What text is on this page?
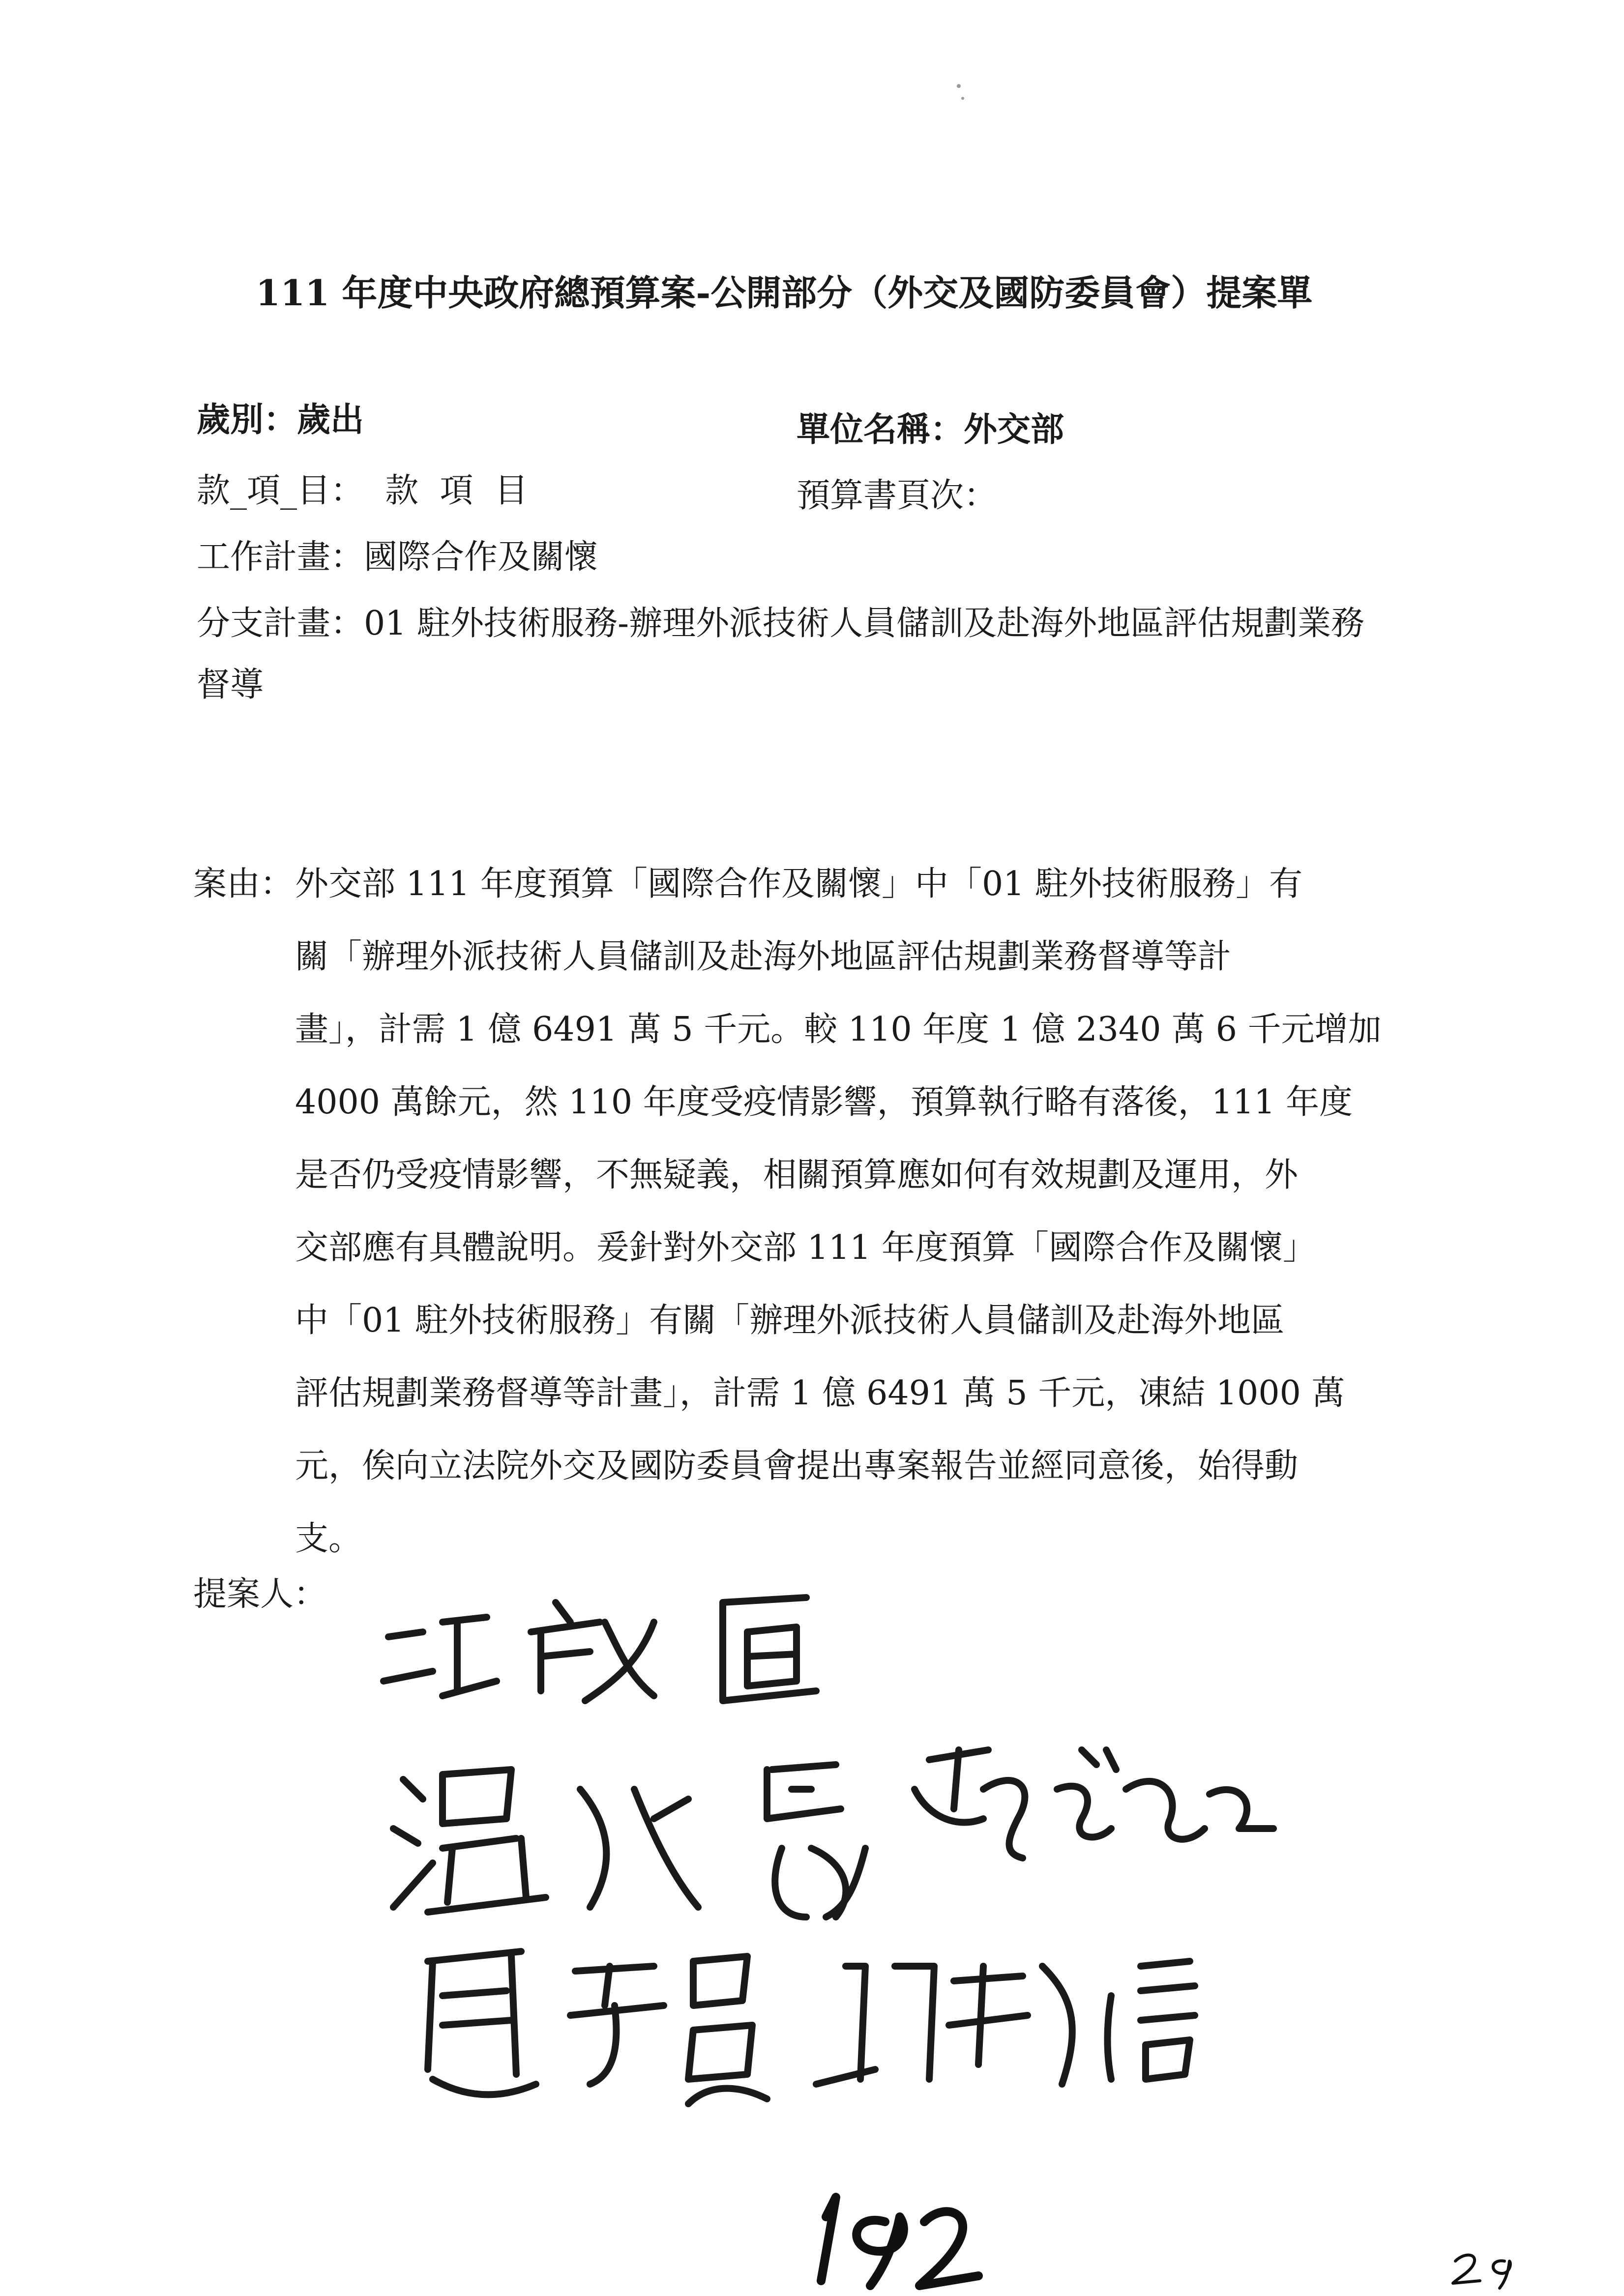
111 年度中央政府總預算案-公開部分（外交及國防委員會）提案單
歲別：歲出	單位名稱：外交部
款_項_目：  款  項  目	預算書頁次：
工作計畫：國際合作及關懷
分支計畫：01 駐外技術服務-辦理外派技術人員儲訓及赴海外地區評估規劃業務
督導
案由： 外交部 111 年度預算「國際合作及關懷」中「01 駐外技術服務」有
關「辦理外派技術人員儲訓及赴海外地區評估規劃業務督導等計
畫」，計需 1 億 6491 萬 5 千元。較 110 年度 1 億 2340 萬 6 千元增加
4000 萬餘元，然 110 年度受疫情影響，預算執行略有落後，111 年度
是否仍受疫情影響，不無疑義，相關預算應如何有效規劃及運用，外
交部應有具體說明。爰針對外交部 111 年度預算「國際合作及關懷」
中「01 駐外技術服務」有關「辦理外派技術人員儲訓及赴海外地區
評估規劃業務督導等計畫」，計需 1 億 6491 萬 5 千元，凍結 1000 萬
元，俟向立法院外交及國防委員會提出專案報告並經同意後，始得動
支。
提案人：
